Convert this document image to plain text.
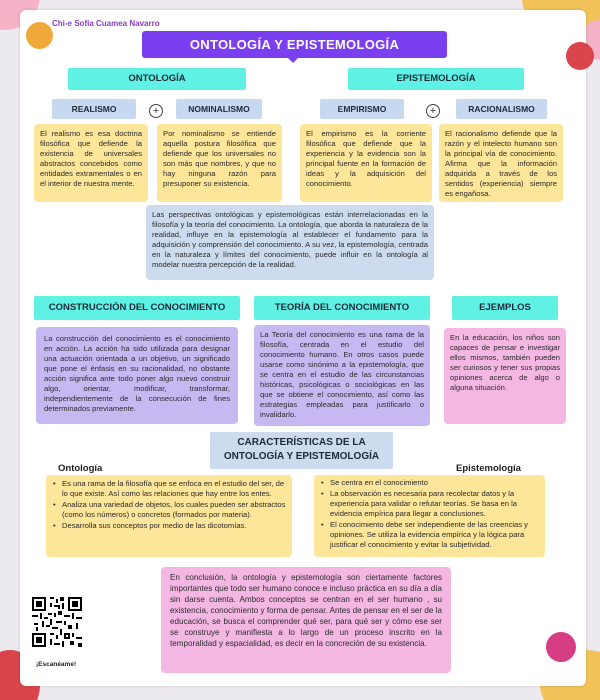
Chi-e Sofía Cuamea Navarro
ONTOLOGÍA Y EPISTEMOLOGÍA
ONTOLOGÍA
REALISMO	+	NOMINALISMO
El realismo es esa doctrina filosófica que defiende la existencia de universales abstractos concebidos como entidades extramentales o en el interior de nuestra mente.
Por nominalismo se entiende aquella postura filosófica que defiende que los universales no son más que nombres, y que no hay ninguna razón para presuponer su existencia.
EPISTEMOLOGÍA
EMPIRISMO	+	RACIONALISMO
El empirismo es la corriente filosófica que defiende que la experiencia y la evidencia son la principal fuente en la formación de ideas y la adquisición del conocimiento.
El racionalismo defiende que la razón y el intelecto humano son la principal vía de conocimiento. Afirma que la información adquirida a través de los sentidos (experiencia) siempre es engañosa.
Las perspectivas ontológicas y epistemológicas están interrelacionadas en la filosofía y la teoría del conocimiento. La ontología, que aborda la naturaleza de la realidad, influye en la epistemología al establecer el fundamento para la adquisición y comprensión del conocimiento. A su vez, la epistemología, centrada en la naturaleza y límites del conocimiento, puede influir en la ontología al modelar nuestra percepción de la realidad.
CONSTRUCCIÓN DEL CONOCIMIENTO	TEORÍA DEL CONOCIMIENTO	EJEMPLOS
La construcción del conocimiento es el conocimiento en acción. La acción ha sido utilizada para designar una actuación orientada a un objetivo, un significado que pone el énfasis en su racionalidad, no obstante acción significa ante todo poner algo nuevo construir algo, orientar, modificar, transformar, independientemente de la consecución de fines determinados previamente.
La Teoría del conocimiento es una rama de la filosofía, centrada en el estudio del conocimiento humano. En otros casos puede usarse como sinónimo a la epistemología, que se centra en el estudio de las circunstancias históricas, psicológicas o sociológicas en las que se obtiene el conocimiento, así como las estrategias empleadas para justificarlo o invalidarlo.
En la educación, los niños son capaces de pensar e investigar ellos mismos, también pueden ser curiosos y tener sus propias opiniones acerca de algo o alguna situación.
CARACTERÍSTICAS DE LA
ONTOLOGÍA Y EPISTEMOLOGÍA
Ontología	Epistemología
• Es una rama de la filosofía que se enfoca en el estudio del ser, de lo que existe. Así como las relaciones que hay entre los entes.
• Analiza una variedad de objetos, los cuales pueden ser abstractos (como los números) o concretos (formados por materia).
• Desarrolla sus conceptos por medio de las dicotomías.
• Se centra en el conocimiento
• La observación es necesaria para recolectar datos y la experiencia para validar o refutar teorías. Se basa en la evidencia empírica para llegar a conclusiones.
• El conocimiento debe ser independiente de las creencias y opiniones. Se utiliza la evidencia empírica y la lógica para justificar el conocimiento y evitar la subjetividad.
En conclusión, la ontología y epistemología son ciertamente factores importantes que todo ser humano conoce e incluso práctica en su día a día sin darse cuenta. Ambos conceptos se centran en el ser humano , su existencia, conocimiento y forma de pensar. Antes de pensar en el ser de la educación, se busca el comprender qué ser, para qué ser y cómo ese ser se construye y manifiesta a lo largo de un proceso inscrito en la temporalidad y espacialidad, es decir en la concreción de su existencia.
¡Escanéame!
